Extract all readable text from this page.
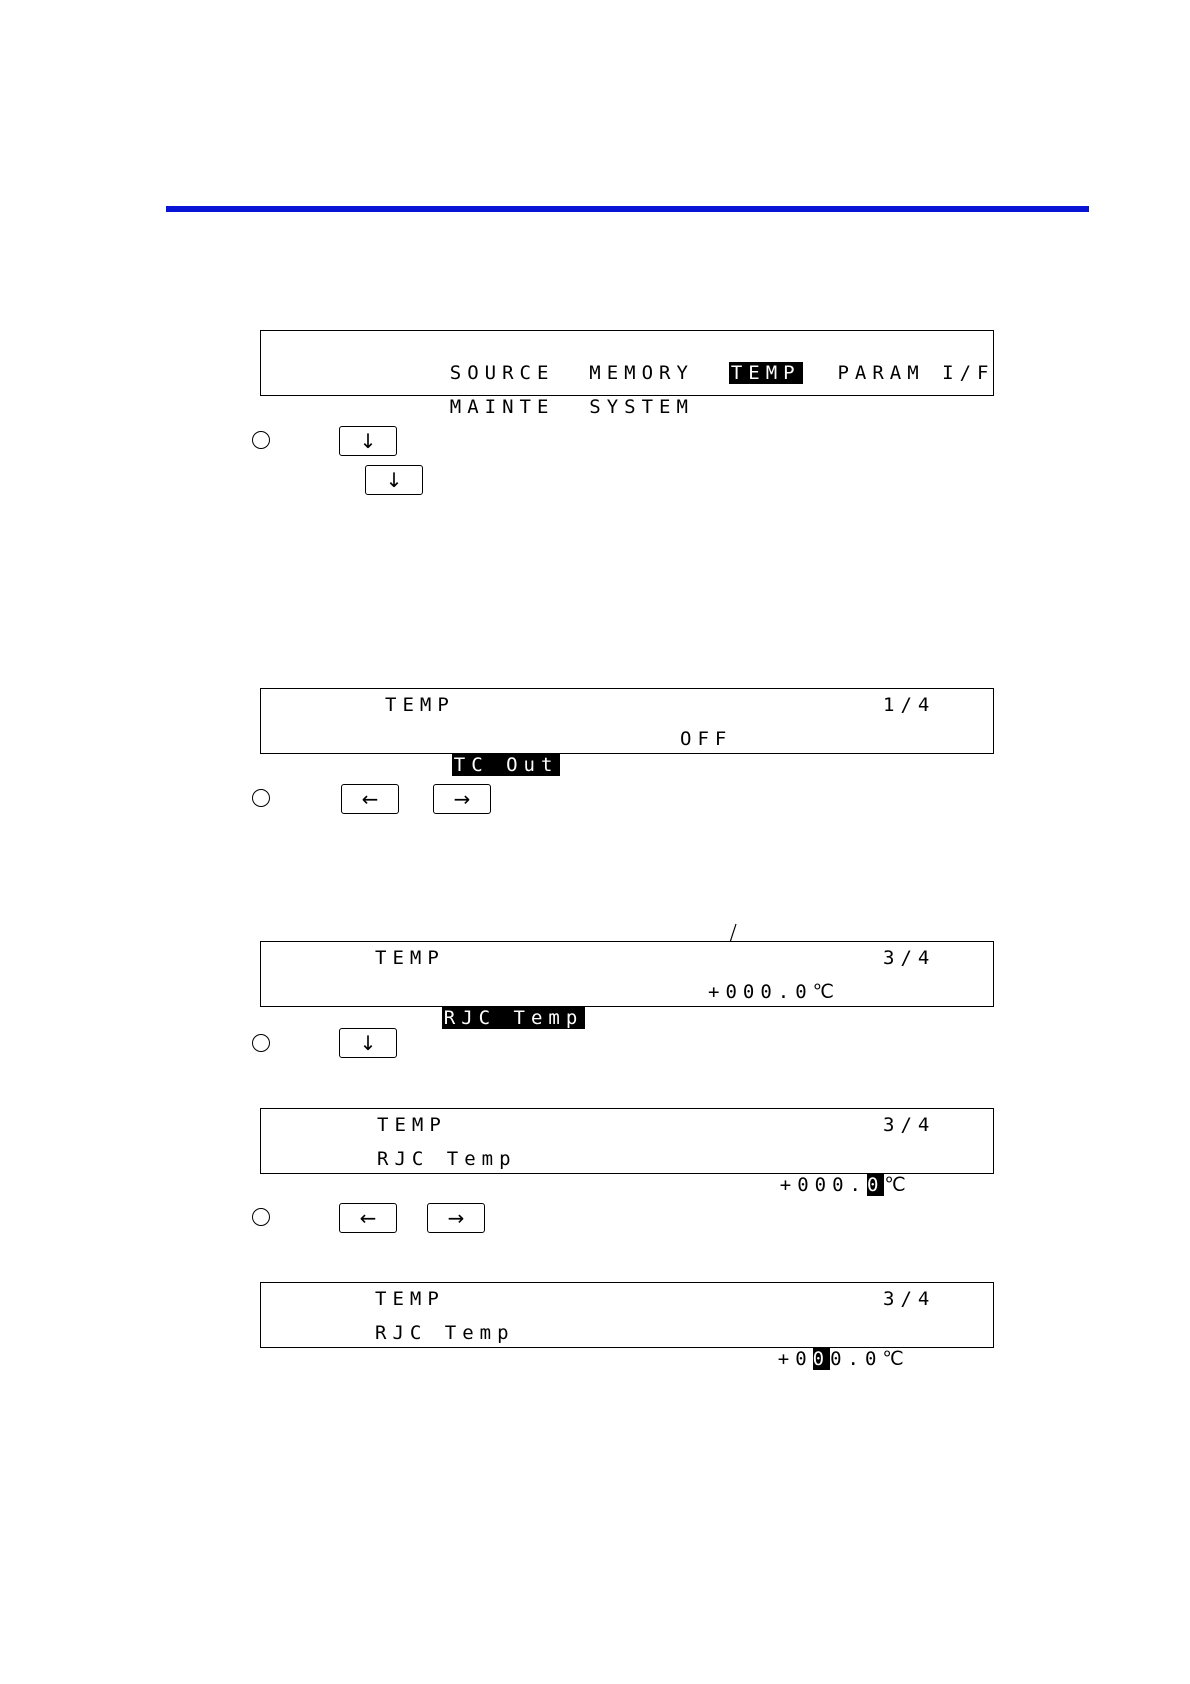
SOURCE MEMORY TEMP PARAM I/F

MAINTE SYSTEM

↓
↓
TEMP	1/4

TC Out

OFF
←	→
TEMP	3/4

RJC Temp

+000.0℃
↓
TEMP	3/4
RJC Temp

+000.0℃

←	→
TEMP	3/4
RJC Temp

+000.0℃
